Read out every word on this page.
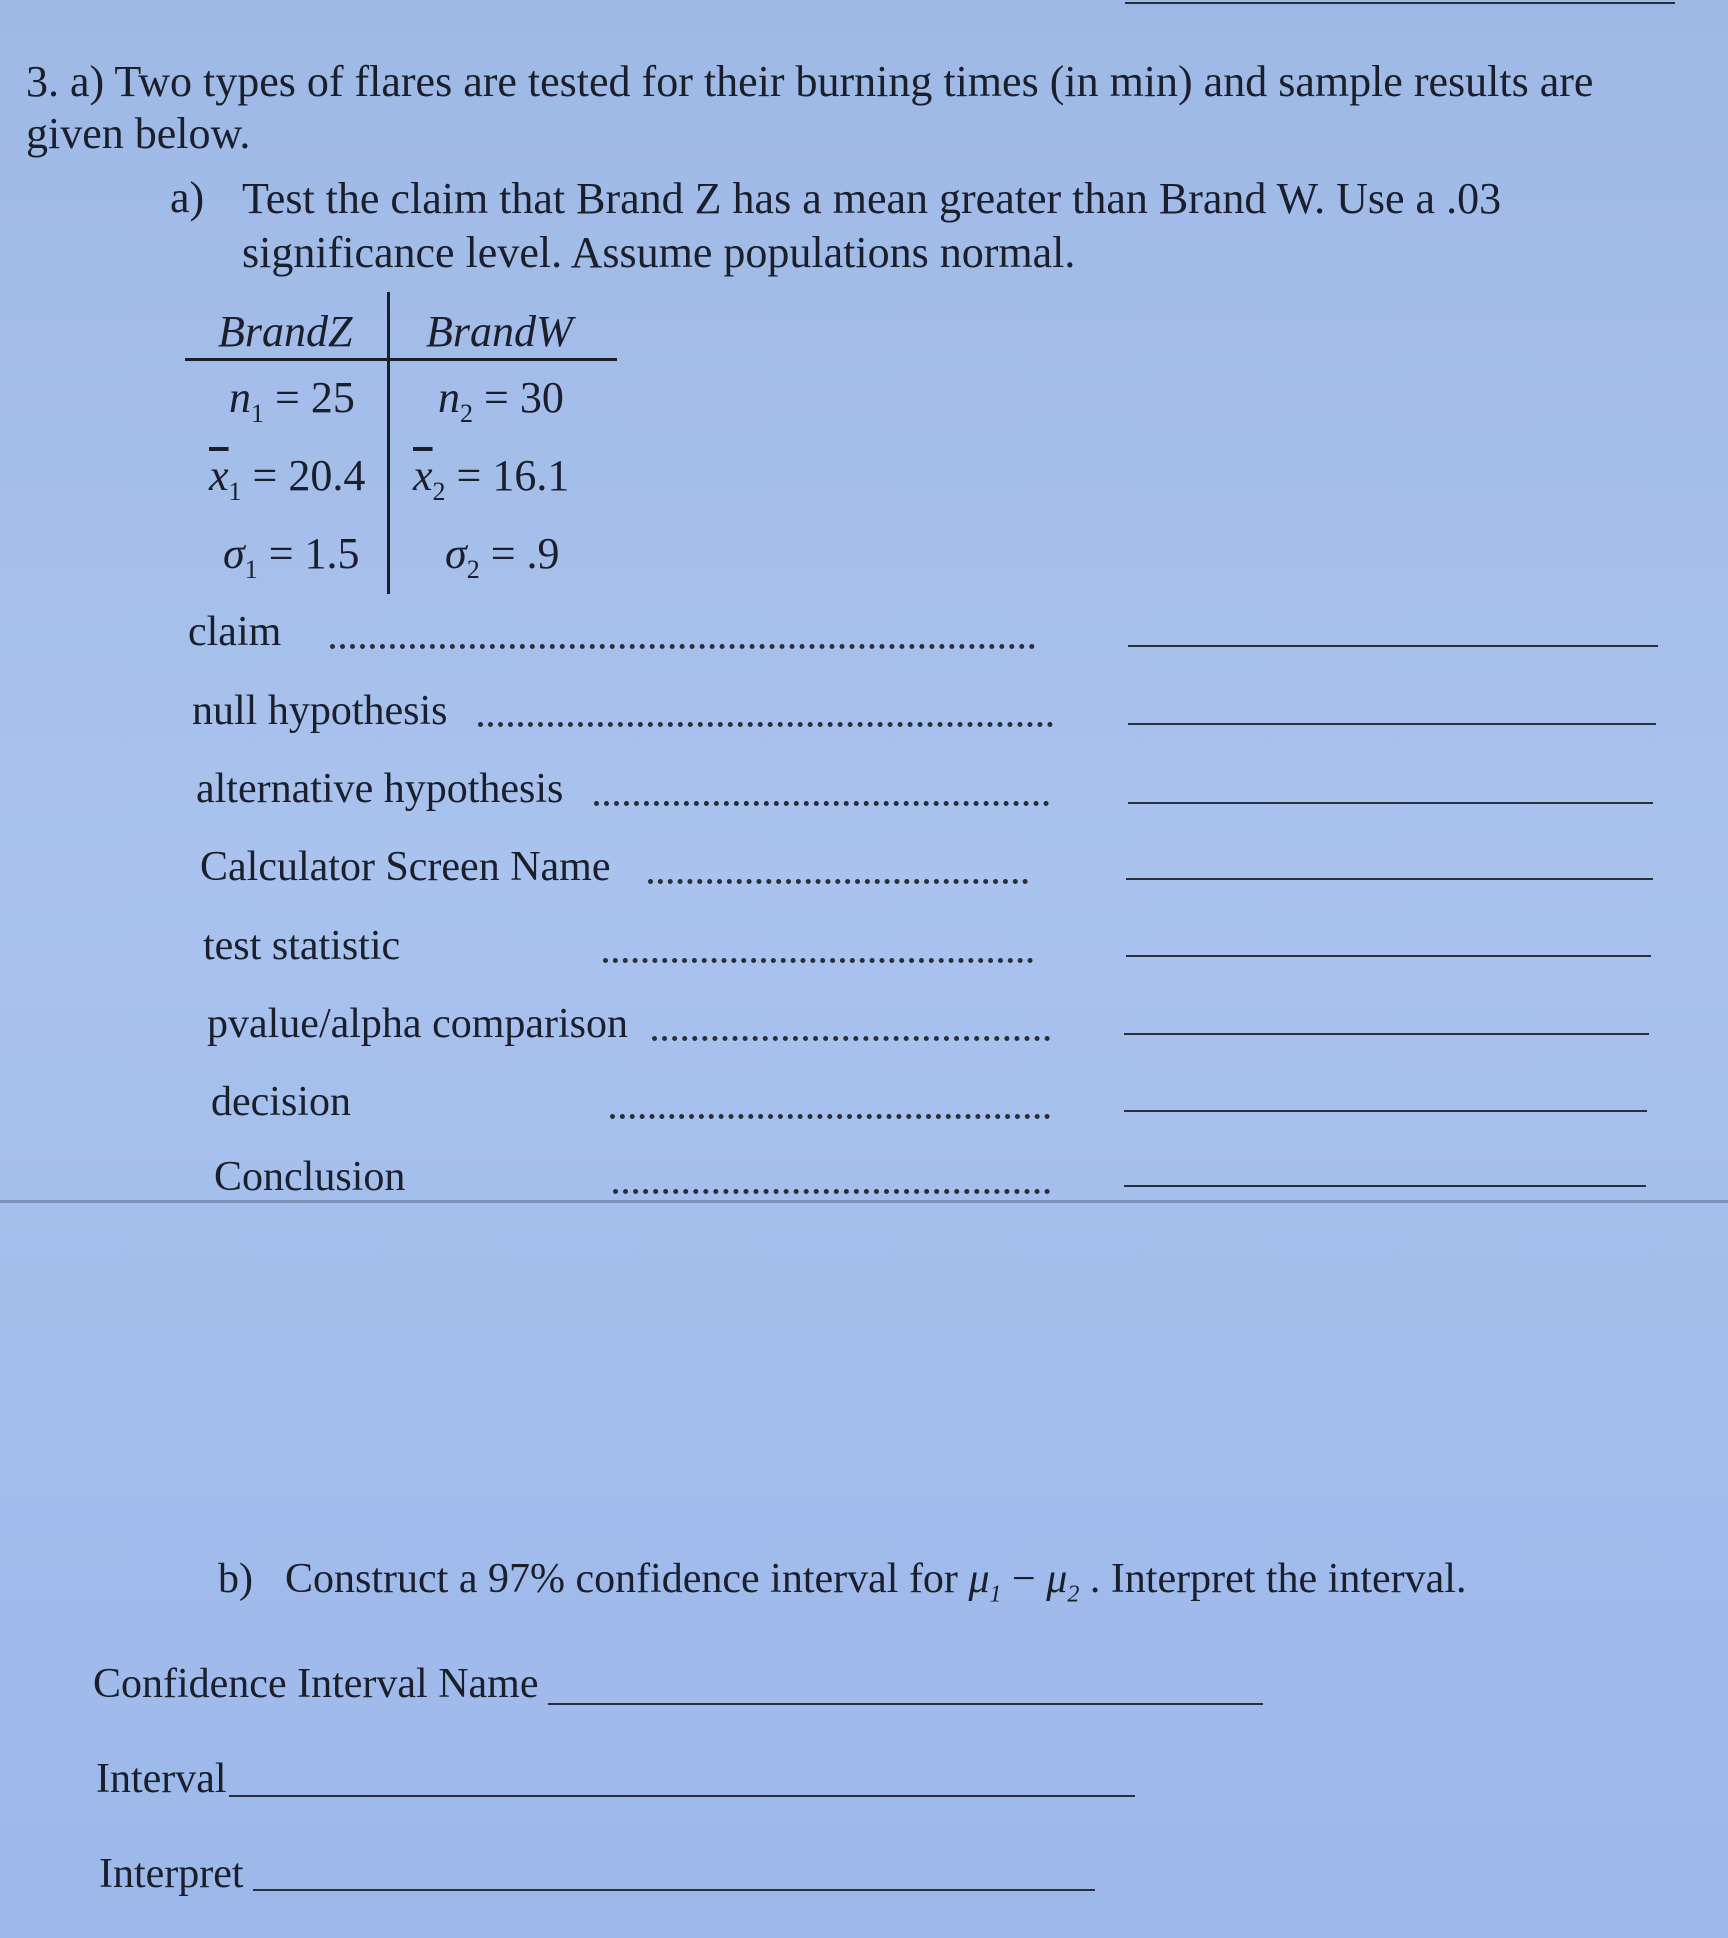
3. a) Two types of flares are tested for their burning times (in min) and sample results are given below.
a) Test the claim that Brand Z has a mean greater than Brand W. Use a .03 significance level. Assume populations normal.
BrandZ BrandW
$n_1 = 25$ $n_2 = 30$
$\overline{x}_1 = 20.4$ $\overline{x}_2 = 16.1$
$\sigma_1 = 1.5$ $\sigma_2 = .9$
claim
null hypothesis
alternative hypothesis
Calculator Screen Name
test statistic
pvalue/alpha comparison
decision
Conclusion
b) Construct a 97% confidence interval for $\mu_1 - \mu_2$ . Interpret the interval.
Confidence Interval Name
Interval
Interpret
